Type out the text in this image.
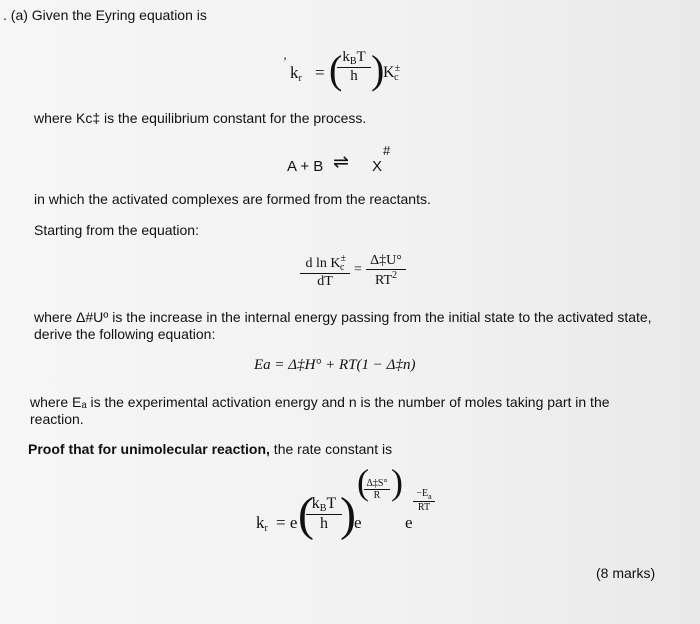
. (a) Given the Eyring equation is
’
$k_r$ = ( $k_BT$
h )
$K^\pm_c$
where Kc‡ is the equilibrium constant for the process.
A + B ⇌ X
#
in which the activated complexes are formed from the reactants.
Starting from the equation:
$\frac{d \ln K^\pm_c}{dT} = \frac{\Delta\ddagger U^\circ}{RT^2}$
where Δ#Uº is the increase in the internal energy passing from the initial state to the activated state, derive the following equation:
Ea = Δ‡H° + RT(1 − Δ‡n)
where Eₐ is the experimental activation energy and n is the number of moles taking part in the reaction.
Proof that for unimolecular reaction, the rate constant is
$k_r = e$ (
$k_BT$
h )
e
(
$\frac{\Delta\ddagger S^\circ}{R}$ )
e
$\frac{-E_a}{RT}$
(8 marks)
